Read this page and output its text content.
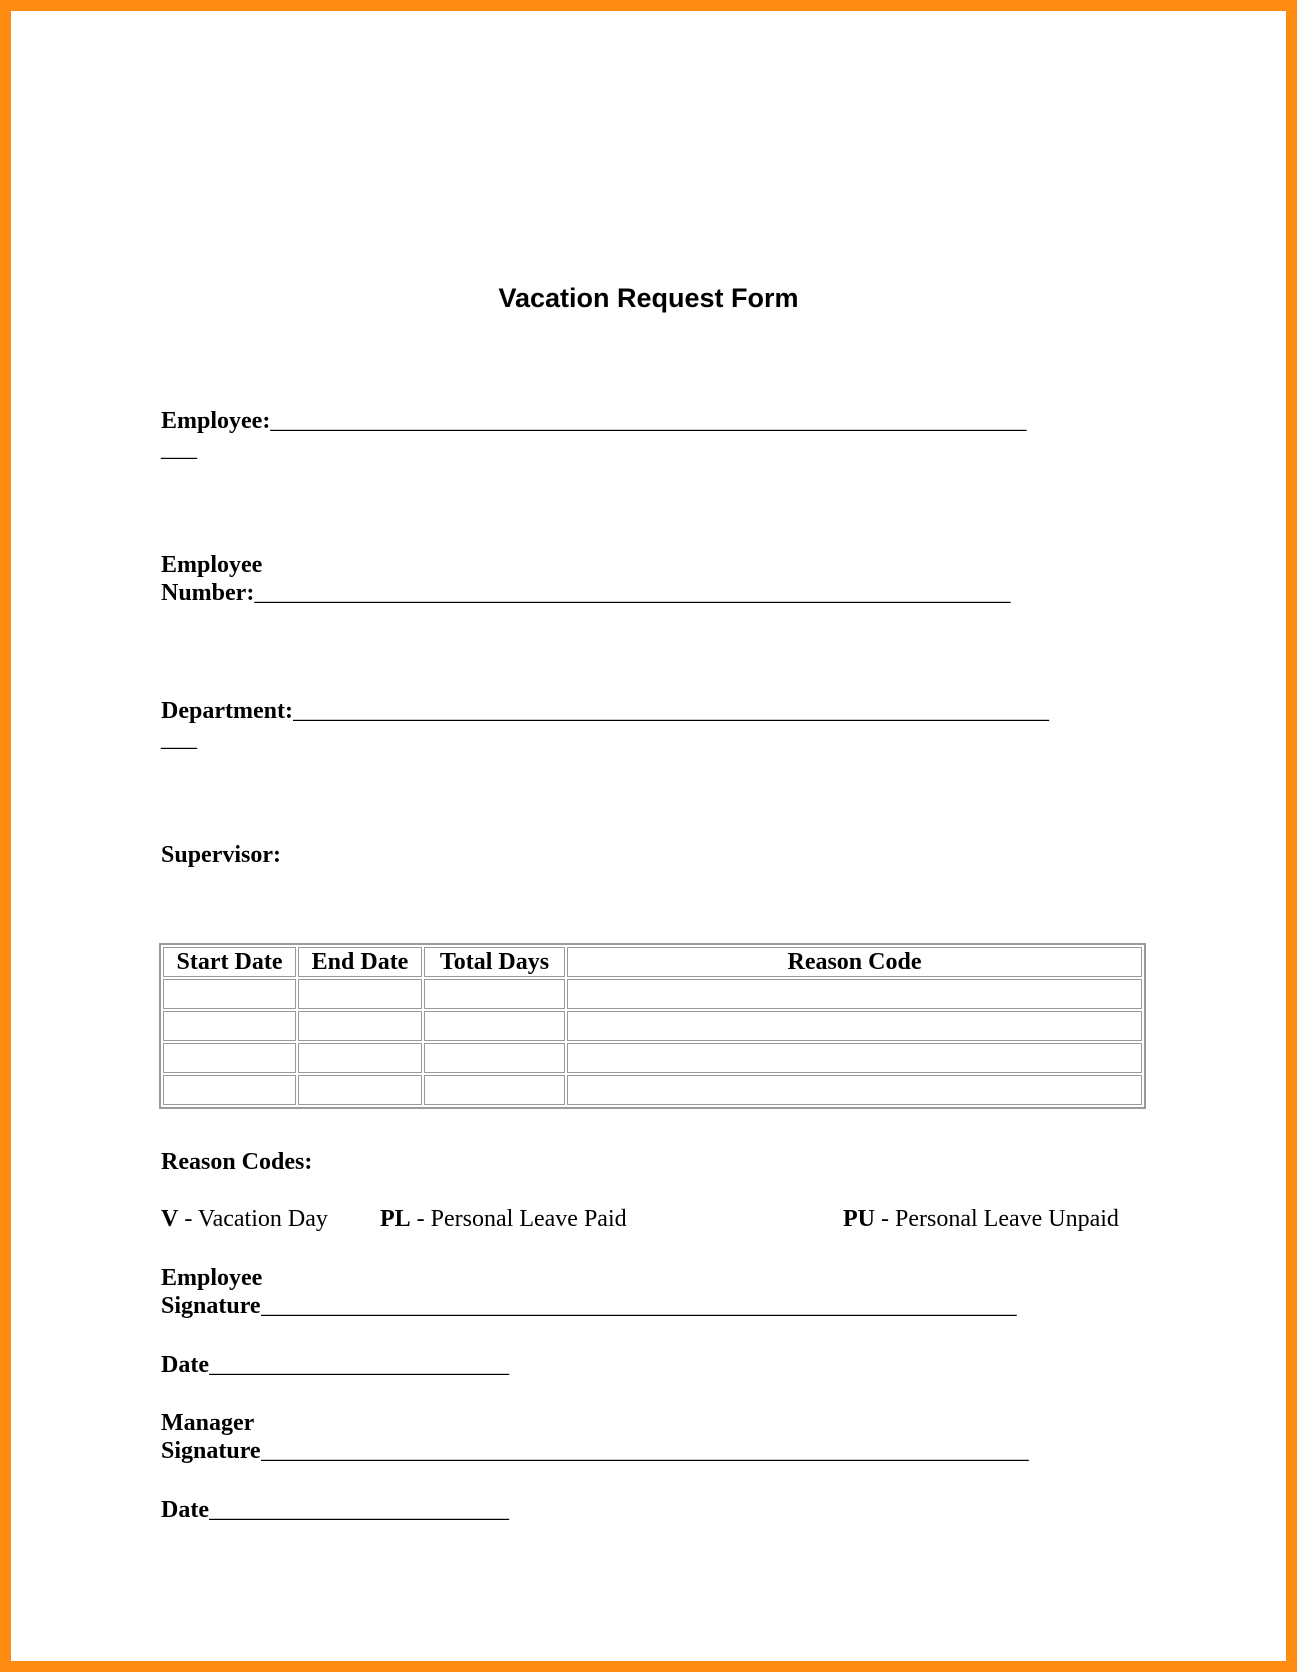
Vacation Request Form
Employee:_______________________________________________________________
___
Employee
Number:_______________________________________________________________
Department:_______________________________________________________________
___
Supervisor:
Start Date	End Date	Total Days	Reason Code

Reason Codes:
V - Vacation Day PL - Personal Leave Paid	PU - Personal Leave Unpaid
Employee
Signature_______________________________________________________________
Date_________________________
Manager
Signature________________________________________________________________
Date_________________________
